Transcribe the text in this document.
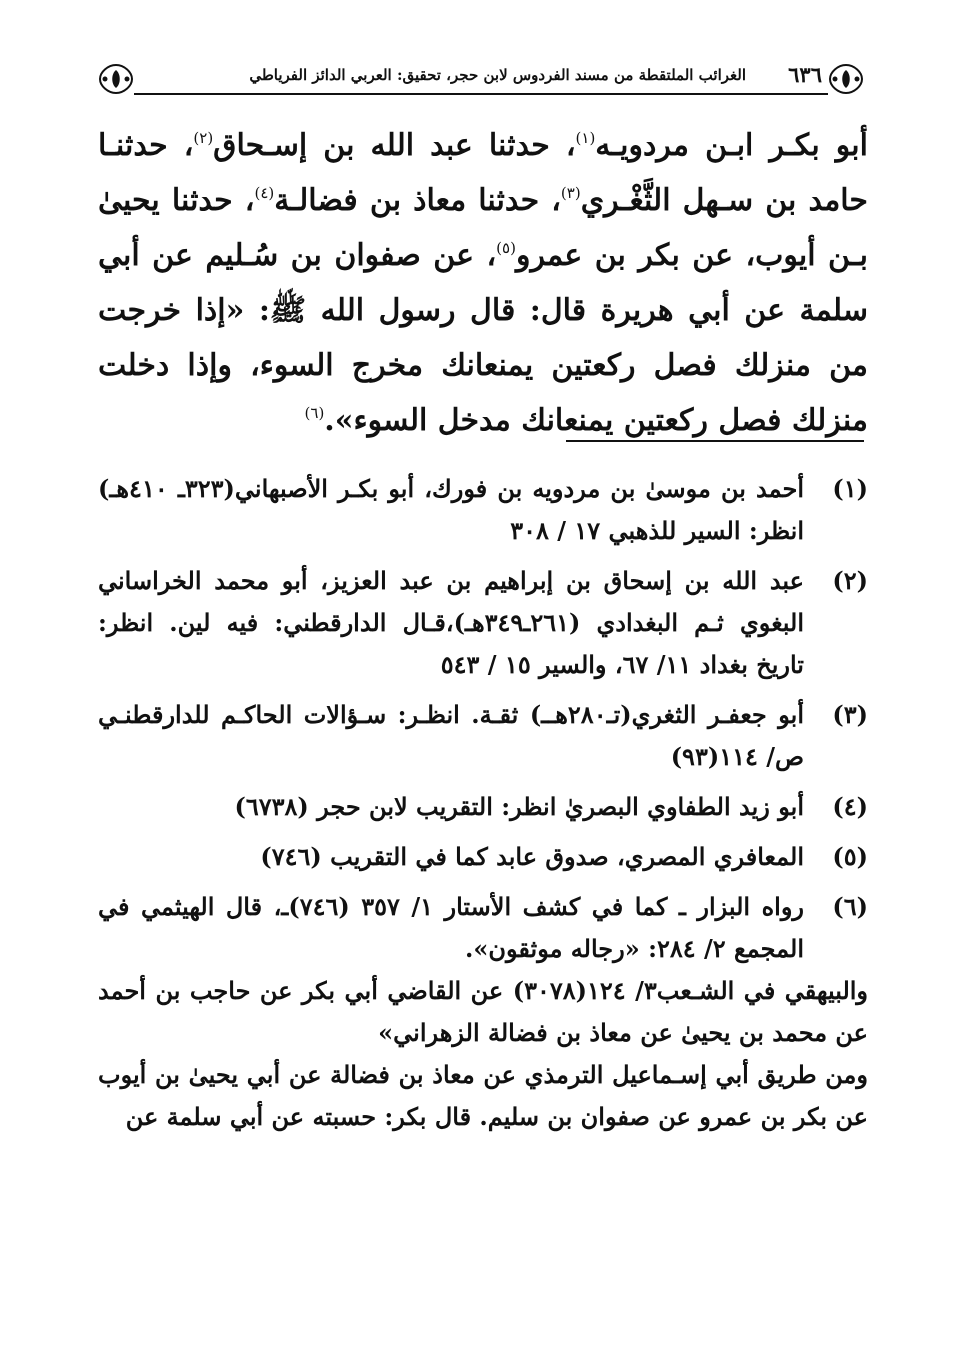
الغرائب الملتقطة من مسند الفردوس لابن حجر، تحقيق: العربي الدائز الفرياطي ٦٣٦

أبو بكـر ابـن مردويـه$^{(١)}$، حدثنا عبد الله بن إسـحاق$^{(٢)}$، حدثنـا حامد بن سـهل الثَّغْـري$^{(٣)}$، حدثنا معاذ بن فضالـة$^{(٤)}$، حدثنا يحيىٰ بـن أيوب، عن بكر بن عمرو$^{(٥)}$، عن صفوان بن سُـليم عن أبي سلمة عن أبي هريرة قال: قال رسول الله ﷺ: «إذا خرجت من منزلك فصل ركعتين يمنعانك مخرج السوء، وإذا دخلت منزلك فصل ركعتين يمنعانك مدخل السوء».$^{(٦)}$

(١)
أحمد بن موسىٰ بن مردويه بن فورك، أبو بكـر الأصبهاني(٣٢٣ـ ٤١٠هـ) انظر: السير للذهبي ١٧ / ٣٠٨
(٢)
عبد الله بن إسحاق بن إبراهيم بن عبد العزيز، أبو محمد الخراساني البغوي ثـم البغدادي (٢٦١ـ٣٤٩هـ)،قـال الدارقطني: فيه لين. انظر: تاريخ بغداد ١١/ ٦٧، والسير ١٥ / ٥٤٣
(٣)
أبو جعفـر الثغري(تـ٢٨٠هــ) ثقـة. انظـر: سـؤالات الحاكـم للدارقطنـي ص/ ١١٤(٩٣)
(٤)
أبو زيد الطفاوي البصريٰ انظر: التقريب لابن حجر (٦٧٣٨)
(٥)
المعافري المصري، صدوق عابد كما في التقريب (٧٤٦)
(٦)
رواه البزار ـ كما في كشف الأستار ١/ ٣٥٧ (٧٤٦)ـ، قال الهيثمي في المجمع ٢/ ٢٨٤: «رجاله موثقون».
والبيهقي في الشـعب٣/ ١٢٤(٣٠٧٨) عن القاضي أبي بكر عن حاجب بن أحمد عن محمد بن يحيىٰ عن معاذ بن فضالة الزهراني»
ومن طريق أبي إسـماعيل الترمذي عن معاذ بن فضالة عن أبي يحيىٰ بن أيوب عن بكر بن عمرو عن صفوان بن سليم. قال بكر: حسبته عن أبي سلمة عن
